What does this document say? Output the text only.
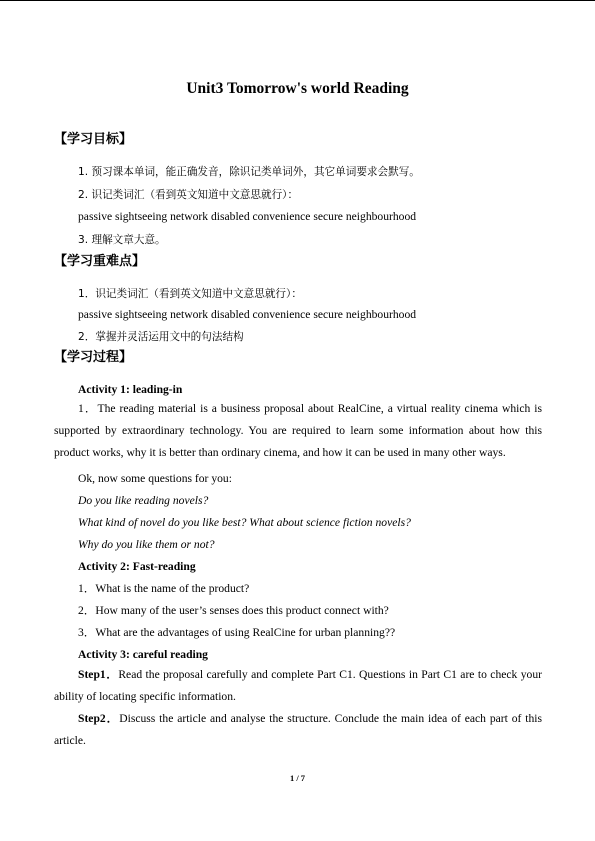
Unit3 Tomorrow's world Reading
【学习目标】
1. 预习课本单词，能正确发音，除识记类单词外，其它单词要求会默写。
2. 识记类词汇（看到英文知道中文意思就行）：
passive sightseeing network disabled convenience secure neighbourhood
3. 理解文章大意。
【学习重难点】
1．识记类词汇（看到英文知道中文意思就行）：
passive sightseeing network disabled convenience secure neighbourhood
2．掌握并灵活运用文中的句法结构
【学习过程】
Activity 1: leading-in
1．The reading material is a business proposal about RealCine, a virtual reality cinema which is supported by extraordinary technology. You are required to learn some information about how this product works, why it is better than ordinary cinema, and how it can be used in many other ways.
Ok, now some questions for you:
Do you like reading novels?
What kind of novel do you like best? What about science fiction novels?
Why do you like them or not?
Activity 2: Fast-reading
1．What is the name of the product?
2．How many of the user’s senses does this product connect with?
3．What are the advantages of using RealCine for urban planning??
Activity 3: careful reading
Step1．Read the proposal carefully and complete Part C1. Questions in Part C1 are to check your ability of locating specific information.
Step2．Discuss the article and analyse the structure. Conclude the main idea of each part of this article.
1 / 7
